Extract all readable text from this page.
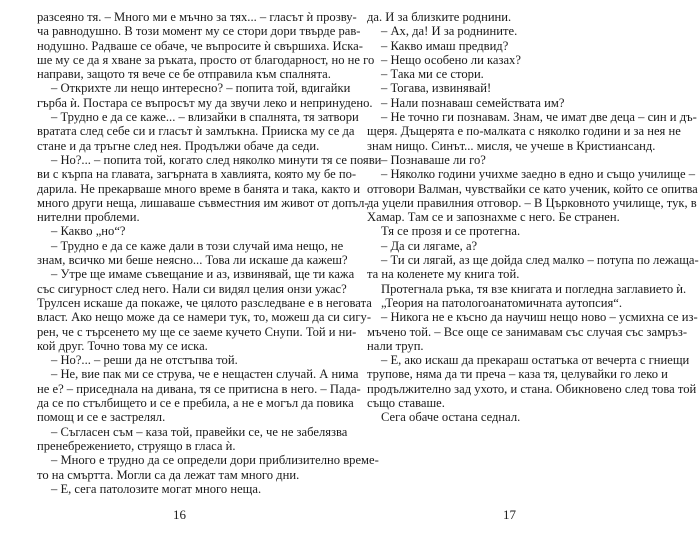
разсеяно тя. – Много ми е мъчно за тях... – гласът ѝ прозву-
ча равнодушно. В този момент му се стори дори твърде рав-
нодушно. Радваше се обаче, че въпросите ѝ свършиха. Иска-
ше му се да я хване за ръката, просто от благодарност, но не го
направи, защото тя вече се бе отправила към спалнята.
– Открихте ли нещо интересно? – попита той, вдигайки
гърба ѝ. Постара се въпросът му да звучи леко и непринудено.
– Трудно е да се каже... – влизайки в спалнята, тя затвори
вратата след себе си и гласът ѝ замлъкна. Прииска му се да
стане и да тръгне след нея. Продължи обаче да седи.
– Но?... – попита той, когато след няколко минути тя се появи
ви с кърпа на главата, загърната в хавлията, която му бе по-
дарила. Не прекарваше много време в банята и така, както и
много други неща, лишаваше съвместния им живот от допъл-
нителни проблеми.
– Какво „но“?
– Трудно е да се каже дали в този случай има нещо, не
знам, всичко ми беше неясно... Това ли искаше да кажеш?
– Утре ще имаме съвещание и аз, извинявай, ще ти кажа
със сигурност след него. Нали си видял целия онзи ужас?
Трулсен искаше да покаже, че цялото разследване е в неговата
власт. Ако нещо може да се намери тук, то, можеш да си сигу-
рен, че с търсенето му ще се заеме кучето Снупи. Той и ни-
кой друг. Точно това му се иска.
– Но?... – реши да не отстъпва той.
– Не, вие пак ми се струва, че е нещастен случай. А нима
не е? – приседнала на дивана, тя се притисна в него. – Пада-
да се по стълбището и се е пребила, а не е могъл да повика
помощ и се е застрелял.
– Съгласен съм – каза той, правейки се, че не забелязва
пренебрежението, струящо в гласа ѝ.
– Много е трудно да се определи дори приблизително време-
то на смъртта. Могли са да лежат там много дни.
– Е, сега патолозите могат много неща.
да. И за близките роднини.
– Ах, да! И за роднините.
– Какво имаш предвид?
– Нещо особено ли казах?
– Така ми се стори.
– Тогава, извинявай!
– Нали познаваш семействата им?
– Не точно ги познавам. Знам, че имат две деца – син и дъ-
щеря. Дъщерята е по-малката с няколко години и за нея не
знам нищо. Синът... мисля, че учеше в Кристиансанд.
– Познаваше ли го?
– Няколко години учихме заедно в едно и също училище –
отговори Валман, чувствайки се като ученик, който се опитва
да уцели правилния отговор. – В Църковното училище, тук, в
Хамар. Там се и запознахме с него. Бе странен.
Тя се прозя и се протегна.
– Да си лягаме, а?
– Ти си лягай, аз ще дойда след малко – потупа по лежаща-
та на коленете му книга той.
Протегнала ръка, тя взе книгата и погледна заглавието ѝ.
„Теория на патологоанатомичната аутопсия“.
– Никога не е късно да научиш нещо ново – усмихна се из-
мъчено той. – Все още се занимавам със случая със замръз-
нали труп.
– Е, ако искаш да прекараш остатъка от вечерта с гниещи
трупове, няма да ти преча – каза тя, целувайки го леко и
продължително зад ухото, и стана. Обикновено след това той
също ставаше.
Сега обаче остана седнал.
16	17
